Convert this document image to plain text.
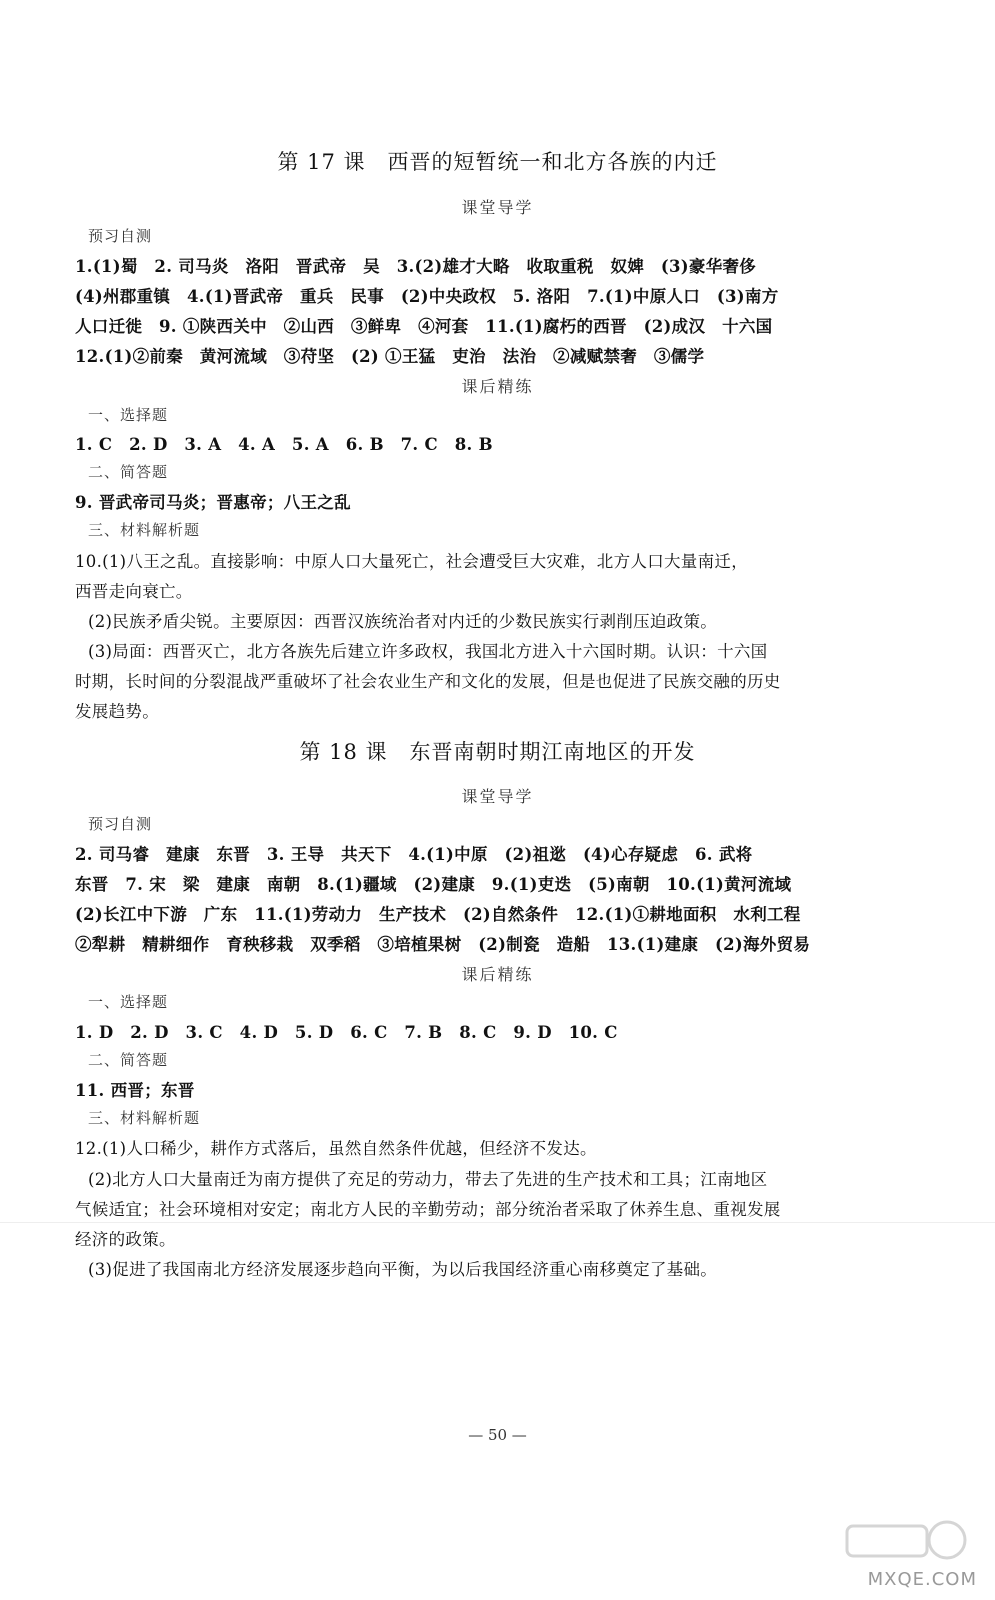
第 17 课　西晋的短暂统一和北方各族的内迁
课堂导学
预习自测
1.(1)蜀　2. 司马炎　洛阳　晋武帝　吴　3.(2)雄才大略　收取重税　奴婢　(3)豪华奢侈
(4)州郡重镇　4.(1)晋武帝　重兵　民事　(2)中央政权　5. 洛阳　7.(1)中原人口　(3)南方
人口迁徙　9. ①陕西关中　②山西　③鲜卑　④河套　11.(1)腐朽的西晋　(2)成汉　十六国
12.(1)②前秦　黄河流域　③苻坚　(2) ①王猛　吏治　法治　②减赋禁奢　③儒学
课后精练
一、选择题
1. C　2. D　3. A　4. A　5. A　6. B　7. C　8. B
二、简答题
9. 晋武帝司马炎；晋惠帝；八王之乱
三、材料解析题
10.(1)八王之乱。直接影响：中原人口大量死亡，社会遭受巨大灾难，北方人口大量南迁，
西晋走向衰亡。
(2)民族矛盾尖锐。主要原因：西晋汉族统治者对内迁的少数民族实行剥削压迫政策。
(3)局面：西晋灭亡，北方各族先后建立许多政权，我国北方进入十六国时期。认识：十六国
时期，长时间的分裂混战严重破坏了社会农业生产和文化的发展，但是也促进了民族交融的历史
发展趋势。
第 18 课　东晋南朝时期江南地区的开发
课堂导学
预习自测
2. 司马睿　建康　东晋　3. 王导　共天下　4.(1)中原　(2)祖逖　(4)心存疑虑　6. 武将
东晋　7. 宋　梁　建康　南朝　8.(1)疆域　(2)建康　9.(1)吏迭　(5)南朝　10.(1)黄河流域
(2)长江中下游　广东　11.(1)劳动力　生产技术　(2)自然条件　12.(1)①耕地面积　水利工程
②犁耕　精耕细作　育秧移栽　双季稻　③培植果树　(2)制瓷　造船　13.(1)建康　(2)海外贸易
课后精练
一、选择题
1. D　2. D　3. C　4. D　5. D　6. C　7. B　8. C　9. D　10. C
二、简答题
11. 西晋；东晋
三、材料解析题
12.(1)人口稀少，耕作方式落后，虽然自然条件优越，但经济不发达。
(2)北方人口大量南迁为南方提供了充足的劳动力，带去了先进的生产技术和工具；江南地区
气候适宜；社会环境相对安定；南北方人民的辛勤劳动；部分统治者采取了休养生息、重视发展
经济的政策。
(3)促进了我国南北方经济发展逐步趋向平衡，为以后我国经济重心南移奠定了基础。
— 50 —
MXQE.COM
